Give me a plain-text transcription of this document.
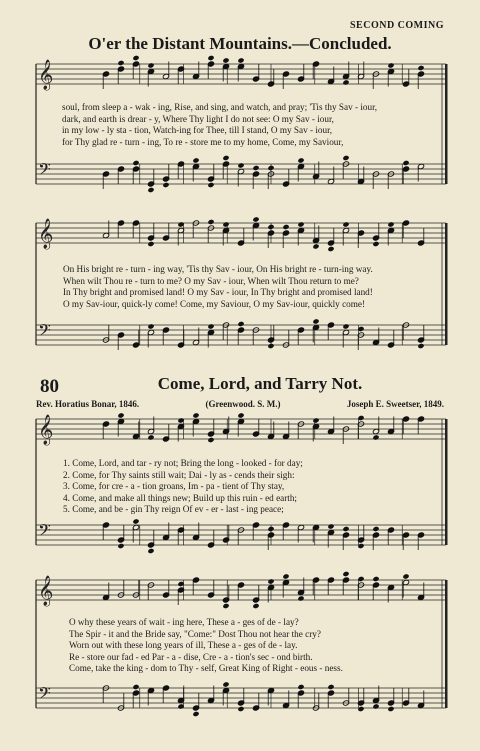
SECOND COMING
O'er the Distant Mountains.—Concluded.
𝄞
𝄢
𝄞
𝄢
𝄞
𝄢
𝄞
𝄢
soul, from sleep a - wak - ing, Rise, and sing, and watch, and pray; 'Tis thy Sav - iour,
dark, and earth is drear - y, Where Thy light I do not see: O my Sav - iour,
in my low - ly sta - tion, Watch-ing for Thee, till I stand, O my Sav - iour,
for Thy glad re - turn - ing, To re - store me to my home, Come, my Saviour,
On His bright re - turn - ing way, 'Tis thy Sav - iour, On His bright re - turn-ing way.
When wilt Thou re - turn to me? O my Sav - iour, When wilt Thou return to me?
In Thy bright and promised land! O my Sav - iour, In Thy bright and promised land!
O my Sav-iour, quick-ly come! Come, my Saviour, O my Sav-iour, quickly come!
80	Come, Lord, and Tarry Not.
Rev. Horatius Bonar, 1846.	(Greenwood. S. M.)	Joseph E. Sweetser, 1849.
1. Come, Lord, and tar - ry not; Bring the long - looked - for day;
2. Come, for Thy saints still wait; Dai - ly as - cends their sigh:
3. Come, for cre - a - tion groans, Im - pa - tient of Thy stay,
4. Come, and make all things new; Build up this ruin - ed earth;
5. Come, and be - gin Thy reign Of ev - er - last - ing peace;
O why these years of wait - ing here, These a - ges of de - lay?
The Spir - it and the Bride say, "Come:" Dost Thou not hear the cry?
Worn out with these long years of ill, These a - ges of de - lay.
Re - store our fad - ed Par - a - dise, Cre - a - tion's sec - ond birth.
Come, take the king - dom to Thy - self, Great King of Right - eous - ness.
